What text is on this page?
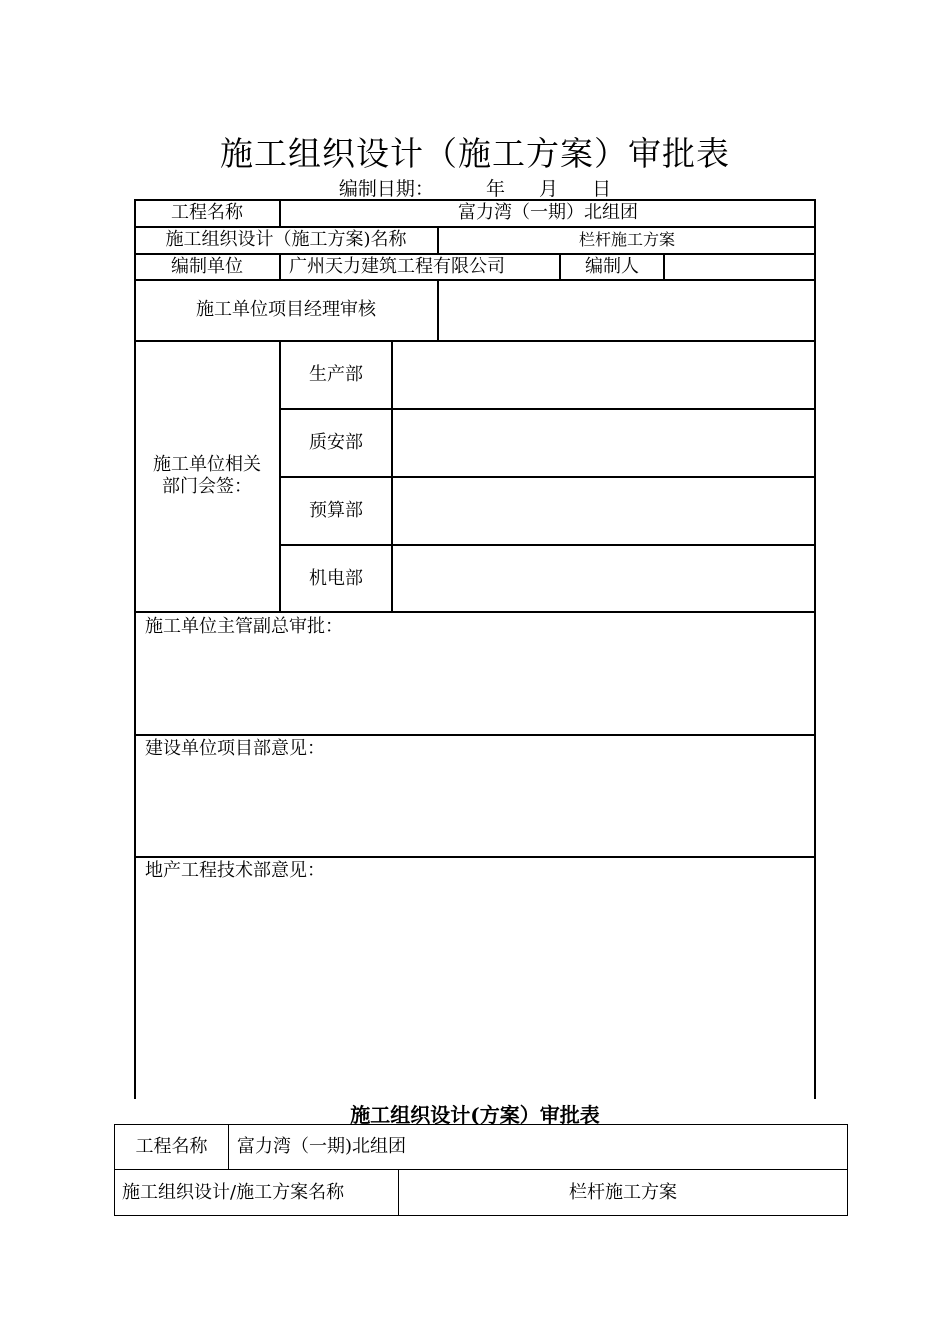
施工组织设计（施工方案）审批表
编制日期：	年 月 日
工程名称	富力湾（一期）北组团
施工组织设计（施工方案)名称	栏杆施工方案
编制单位	广州天力建筑工程有限公司	编制人
施工单位项目经理审核
施工单位相关
部门会签：
生产部
质安部
预算部
机电部
施工单位主管副总审批：
建设单位项目部意见：
地产工程技术部意见：
施工组织设计(方案）审批表
工程名称	富力湾（一期)北组团
施工组织设计/施工方案名称	栏杆施工方案
